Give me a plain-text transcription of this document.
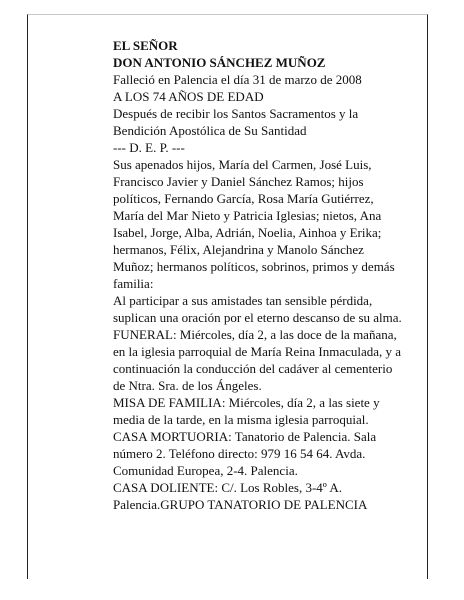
EL SEÑOR
DON ANTONIO SÁNCHEZ MUÑOZ
Falleció en Palencia el día 31 de marzo de 2008
A LOS 74 AÑOS DE EDAD
Después de recibir los Santos Sacramentos y la
Bendición Apostólica de Su Santidad
--- D. E. P. ---
Sus apenados hijos, María del Carmen, José Luis,
Francisco Javier y Daniel Sánchez Ramos; hijos
políticos, Fernando García, Rosa María Gutiérrez,
María del Mar Nieto y Patricia Iglesias; nietos, Ana
Isabel, Jorge, Alba, Adrián, Noelia, Ainhoa y Erika;
hermanos, Félix, Alejandrina y Manolo Sánchez
Muñoz; hermanos políticos, sobrinos, primos y demás
familia:
Al participar a sus amistades tan sensible pérdida,
suplican una oración por el eterno descanso de su alma.
FUNERAL: Miércoles, día 2, a las doce de la mañana,
en la iglesia parroquial de María Reina Inmaculada, y a
continuación la conducción del cadáver al cementerio
de Ntra. Sra. de los Ángeles.
MISA DE FAMILIA: Miércoles, día 2, a las siete y
media de la tarde, en la misma iglesia parroquial.
CASA MORTUORIA: Tanatorio de Palencia. Sala
número 2. Teléfono directo: 979 16 54 64. Avda.
Comunidad Europea, 2-4. Palencia.
CASA DOLIENTE: C/. Los Robles, 3-4º A.
Palencia.GRUPO TANATORIO DE PALENCIA
